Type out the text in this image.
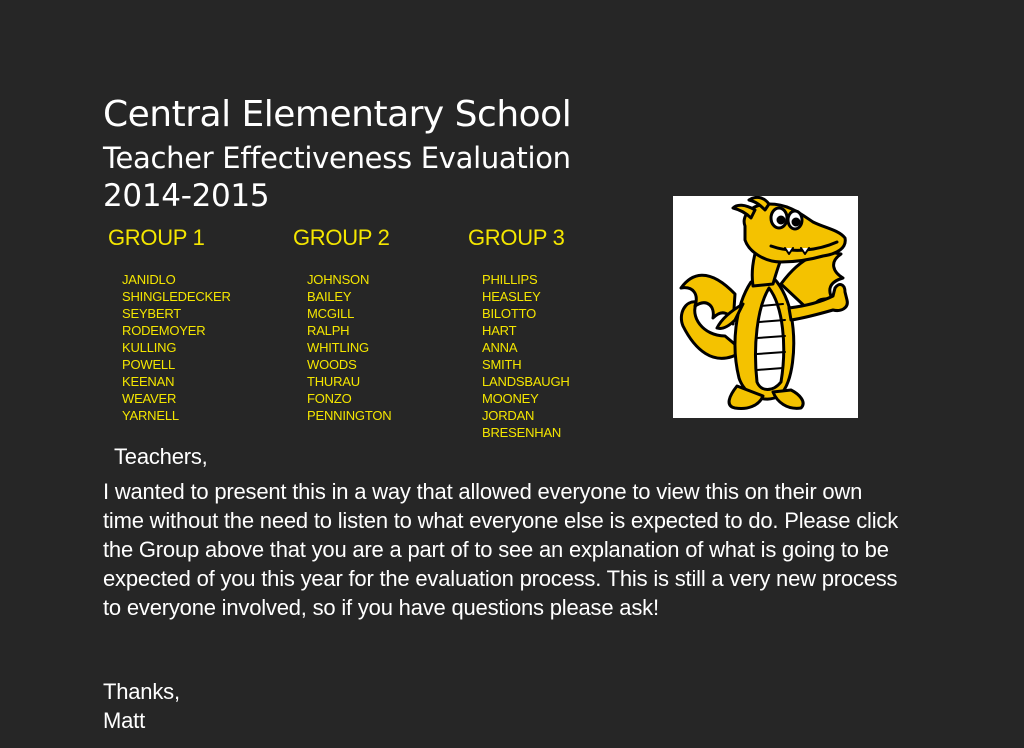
Central Elementary School
Teacher Effectiveness Evaluation
2014-2015
GROUP 1
JANIDLO
SHINGLEDECKER
SEYBERT
RODEMOYER
KULLING
POWELL
KEENAN
WEAVER
YARNELL
GROUP 2
JOHNSON
BAILEY
MCGILL
RALPH
WHITLING
WOODS
THURAU
FONZO
PENNINGTON
GROUP 3
PHILLIPS
HEASLEY
BILOTTO
HART
ANNA
SMITH
LANDSBAUGH
MOONEY
JORDAN
BRESENHAN
Teachers,
I wanted to present this in a way that allowed everyone to view this on their own time without the need to listen to what everyone else is expected to do. Please click the Group above that you are a part of to see an explanation of what is going to be expected of you this year for the evaluation process. This is still a very new process to everyone involved, so if you have questions please ask!
Thanks,
Matt
